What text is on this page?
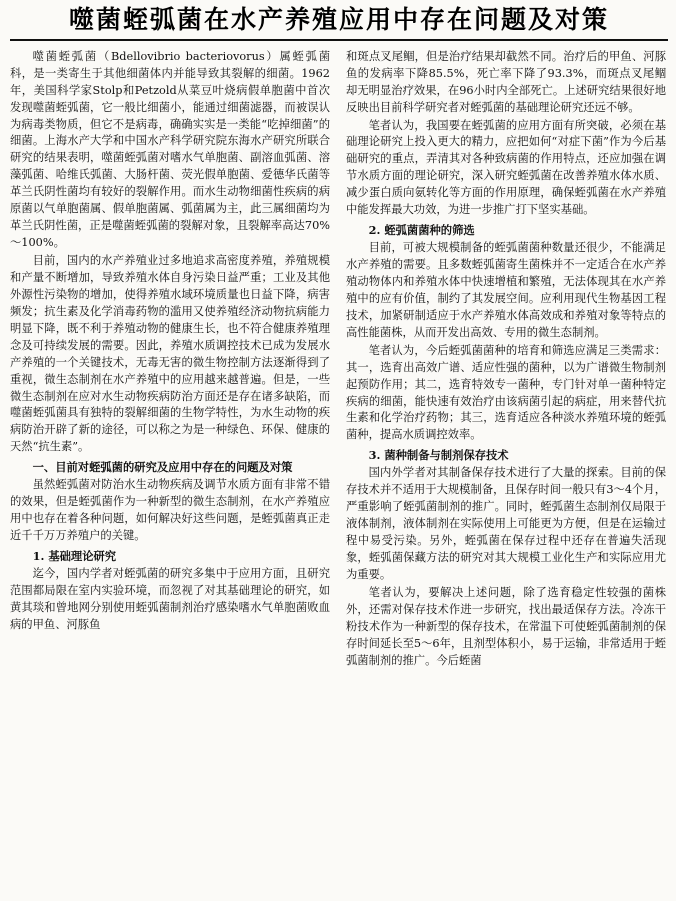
噬菌蛭弧菌在水产养殖应用中存在问题及对策

噬菌蛭弧菌（Bdellovibrio bacteriovorus）属蛭弧菌科，是一类寄生于其他细菌体内并能导致其裂解的细菌。1962年，美国科学家Stolp和Petzold从菜豆叶烧病假单胞菌中首次发现噬菌蛭弧菌，它一般比细菌小，能通过细菌滤器，而被误认为病毒类物质，但它不是病毒，确确实实是一类能“吃掉细菌”的细菌。上海水产大学和中国水产科学研究院东海水产研究所联合研究的结果表明，噬菌蛭弧菌对嗜水气单胞菌、副溶血弧菌、溶藻弧菌、哈维氏弧菌、大肠杆菌、荧光假单胞菌、爱德华氏菌等革兰氏阴性菌均有较好的裂解作用。而水生动物细菌性疾病的病原菌以气单胞菌属、假单胞菌属、弧菌属为主，此三属细菌均为革兰氏阴性菌，正是噬菌蛭弧菌的裂解对象，且裂解率高达70%～100%。

目前，国内的水产养殖业过多地追求高密度养殖，养殖规模和产量不断增加，导致养殖水体自身污染日益严重；工业及其他外源性污染物的增加，使得养殖水域环境质量也日益下降，病害频发；抗生素及化学消毒药物的滥用又使养殖经济动物抗病能力明显下降，既不利于养殖动物的健康生长，也不符合健康养殖理念及可持续发展的需要。因此，养殖水质调控技术已成为发展水产养殖的一个关键技术，无毒无害的微生物控制方法逐渐得到了重视，微生态制剂在水产养殖中的应用越来越普遍。但是，一些微生态制剂在应对水生动物疾病防治方面还是存在诸多缺陷，而噬菌蛭弧菌具有独特的裂解细菌的生物学特性，为水生动物的疾病防治开辟了新的途径，可以称之为是一种绿色、环保、健康的天然“抗生素”。

一、目前对蛭弧菌的研究及应用中存在的问题及对策

虽然蛭弧菌对防治水生动物疾病及调节水质方面有非常不错的效果，但是蛭弧菌作为一种新型的微生态制剂，在水产养殖应用中也存在着各种问题，如何解决好这些问题，是蛭弧菌真正走近千千万万养殖户的关键。

1. 基础理论研究

迄今，国内学者对蛭弧菌的研究多集中于应用方面，且研究范围都局限在室内实验环境，而忽视了对其基础理论的研究，如黄其琰和曾地网分别使用蛭弧菌制剂治疗感染嗜水气单胞菌败血病的甲鱼、河豚鱼

和斑点叉尾鲴，但是治疗结果却截然不同。治疗后的甲鱼、河豚鱼的发病率下降85.5%，死亡率下降了93.3%，而斑点叉尾鲴却无明显治疗效果，在96小时内全部死亡。上述研究结果很好地反映出目前科学研究者对蛭弧菌的基础理论研究还远不够。

笔者认为，我国要在蛭弧菌的应用方面有所突破，必须在基础理论研究上投入更大的精力，应把如何“对症下菌”作为今后基础研究的重点，弄清其对各种致病菌的作用特点，还应加强在调节水质方面的理论研究，深入研究蛭弧菌在改善养殖水体水质、减少蛋白质向氨转化等方面的作用原理，确保蛭弧菌在水产养殖中能发挥最大功效，为进一步推广打下坚实基础。

2. 蛭弧菌菌种的筛选

目前，可被大规模制备的蛭弧菌菌种数量还很少，不能满足水产养殖的需要。且多数蛭弧菌寄生菌株并不一定适合在水产养殖动物体内和养殖水体中快速增植和繁殖，无法体现其在水产养殖中的应有价值，制约了其发展空间。应利用现代生物基因工程技术，加紧研制适应于水产养殖水体高效成和养殖对象等特点的高性能菌株，从而开发出高效、专用的微生态制剂。

笔者认为，今后蛭弧菌菌种的培育和筛选应满足三类需求：其一，选育出高效广谱、适应性强的菌种，以为广谱微生物制剂起预防作用；其二，选育特效专一菌种，专门针对单一菌种特定疾病的细菌，能快速有效治疗由该病菌引起的病症，用来替代抗生素和化学治疗药物；其三，选育适应各种淡水养殖环境的蛭弧菌种，提高水质调控效率。

3. 菌种制备与制剂保存技术

国内外学者对其制备保存技术进行了大量的探索。目前的保存技术并不适用于大规模制备，且保存时间一般只有3～4个月，严重影响了蛭弧菌制剂的推广。同时，蛭弧菌生态制剂仅局限于液体制剂，液体制剂在实际使用上可能更为方便，但是在运输过程中易受污染。另外，蛭弧菌在保存过程中还存在普遍失活现象，蛭弧菌保藏方法的研究对其大规模工业化生产和实际应用尤为重要。

笔者认为，要解决上述问题，除了选育稳定性较强的菌株外，还需对保存技术作进一步研究，找出最适保存方法。冷冻干粉技术作为一种新型的保存技术，在常温下可使蛭弧菌制剂的保存时间延长至5～6年，且剂型体积小，易于运输，非常适用于蛭弧菌制剂的推广。今后蛭菌
